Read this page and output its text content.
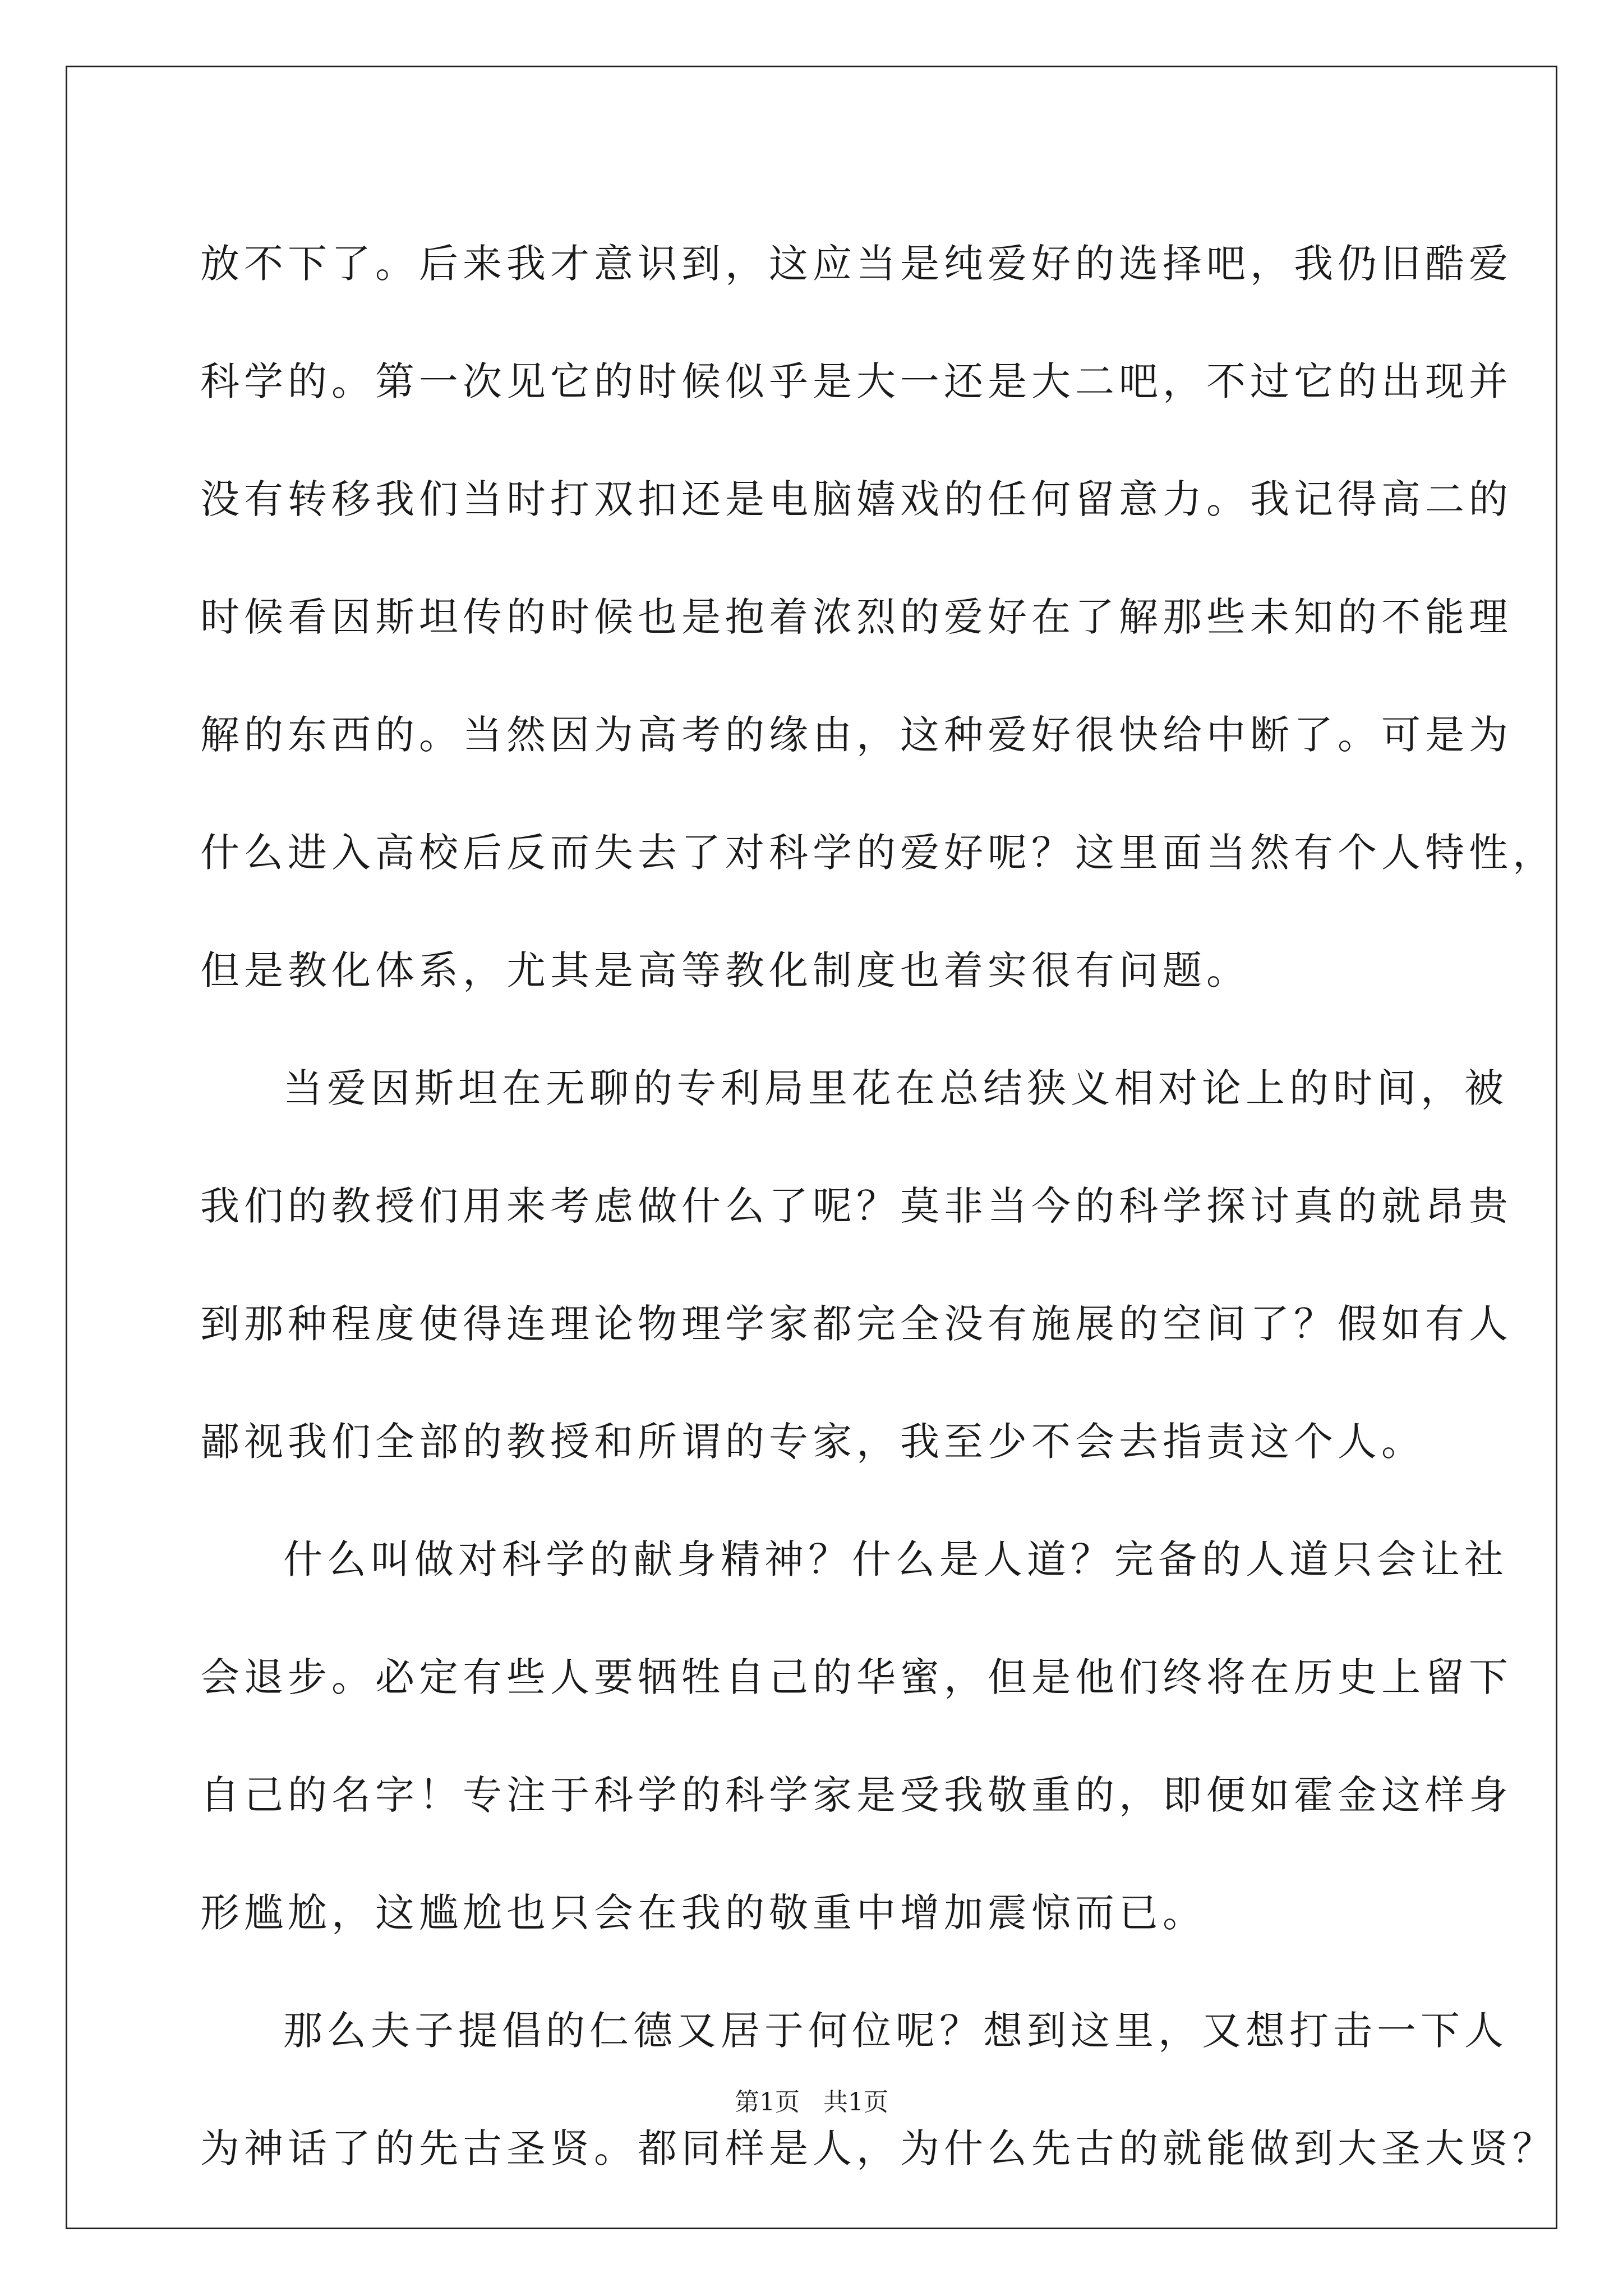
放不下了。后来我才意识到，这应当是纯爱好的选择吧，我仍旧酷爱
科学的。第一次见它的时候似乎是大一还是大二吧，不过它的出现并
没有转移我们当时打双扣还是电脑嬉戏的任何留意力。我记得高二的
时候看因斯坦传的时候也是抱着浓烈的爱好在了解那些未知的不能理
解的东西的。当然因为高考的缘由，这种爱好很快给中断了。可是为
什么进入高校后反而失去了对科学的爱好呢？这里面当然有个人特性，
但是教化体系，尤其是高等教化制度也着实很有问题。
当爱因斯坦在无聊的专利局里花在总结狭义相对论上的时间，被
我们的教授们用来考虑做什么了呢？莫非当今的科学探讨真的就昂贵
到那种程度使得连理论物理学家都完全没有施展的空间了？假如有人
鄙视我们全部的教授和所谓的专家，我至少不会去指责这个人。
什么叫做对科学的献身精神？什么是人道？完备的人道只会让社
会退步。必定有些人要牺牲自己的华蜜，但是他们终将在历史上留下
自己的名字！专注于科学的科学家是受我敬重的，即便如霍金这样身
形尴尬，这尴尬也只会在我的敬重中增加震惊而已。
那么夫子提倡的仁德又居于何位呢？想到这里，又想打击一下人
为神话了的先古圣贤。都同样是人，为什么先古的就能做到大圣大贤？
第1页   共1页
